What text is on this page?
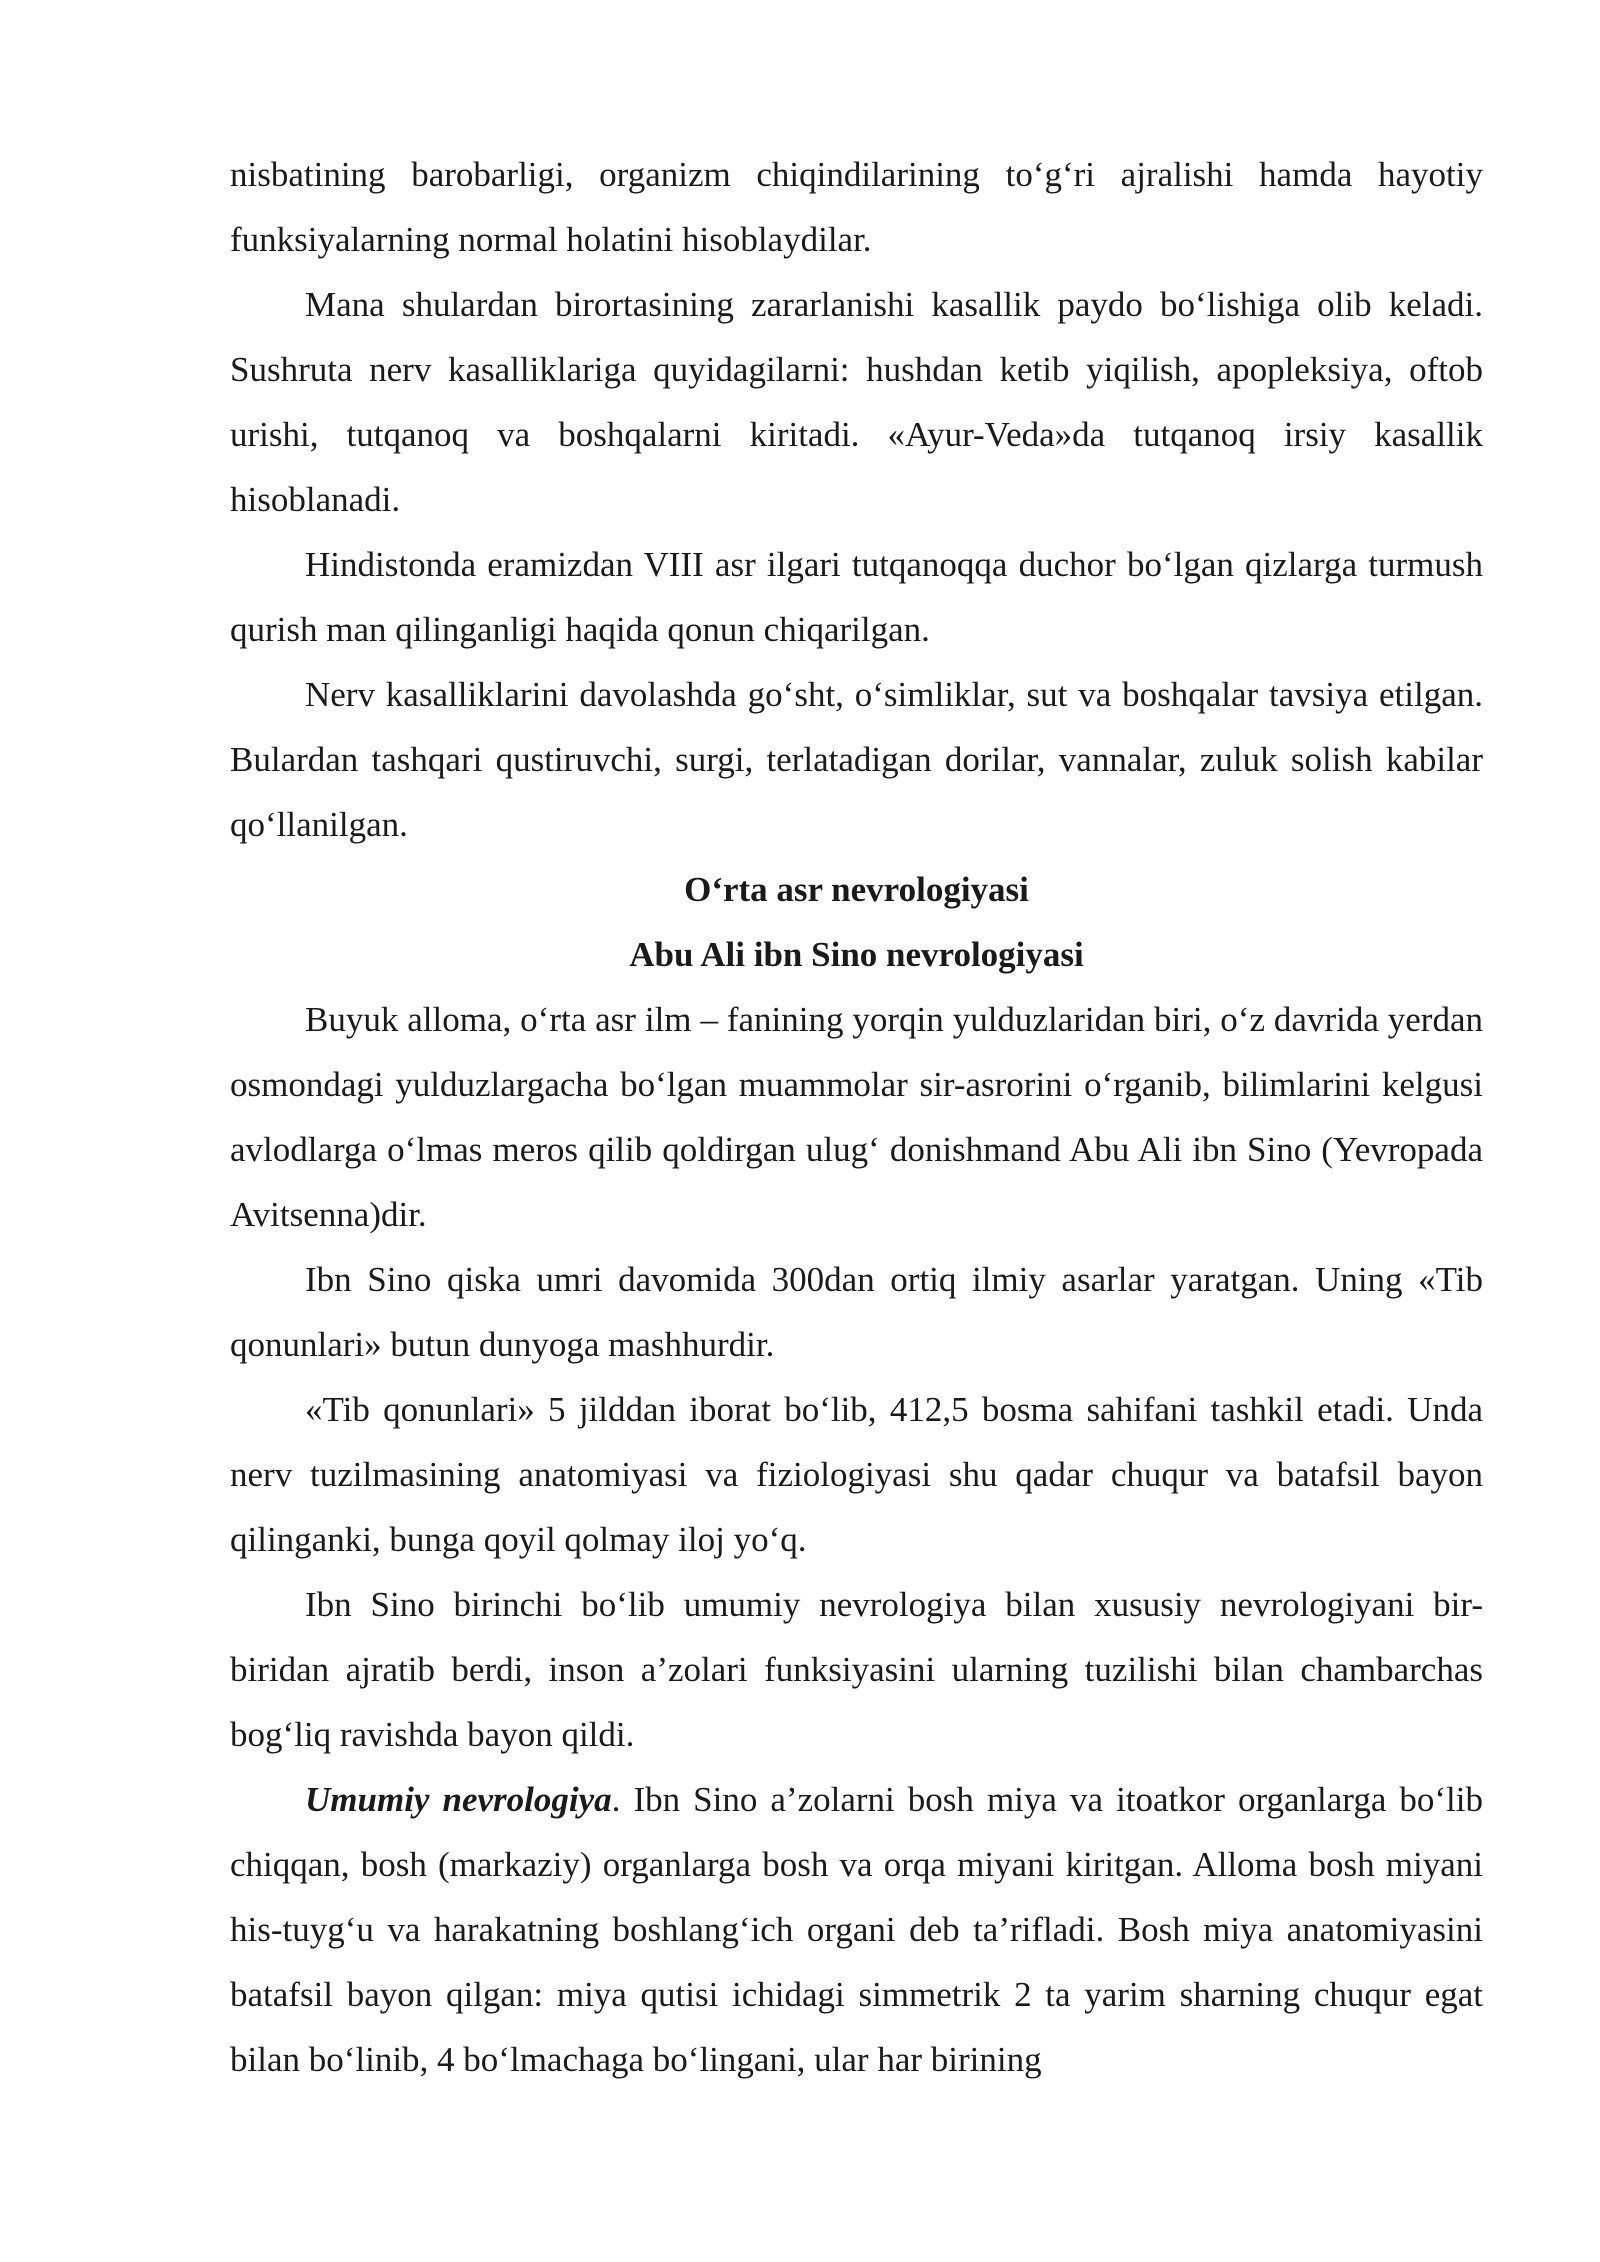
nisbatining barobarligi, organizm chiqindilarining to‘g‘ri ajralishi hamda hayotiy funksiyalarning normal holatini hisoblaydilar.

Mana shulardan birortasining zararlanishi kasallik paydo bo‘lishiga olib keladi. Sushruta nerv kasalliklariga quyidagilarni: hushdan ketib yiqilish, apopleksiya, oftob urishi, tutqanoq va boshqalarni kiritadi. «Ayur-Veda»da tutqanoq irsiy kasallik hisoblanadi.

Hindistonda eramizdan VIII asr ilgari tutqanoqqa duchor bo‘lgan qizlarga turmush qurish man qilinganligi haqida qonun chiqarilgan.

Nerv kasalliklarini davolashda go‘sht, o‘simliklar, sut va boshqalar tavsiya etilgan. Bulardan tashqari qustiruvchi, surgi, terlatadigan dorilar, vannalar, zuluk solish kabilar qo‘llanilgan.

O‘rta asr nevrologiyasi

Abu Ali ibn Sino nevrologiyasi

Buyuk alloma, o‘rta asr ilm – fanining yorqin yulduzlaridan biri, o‘z davrida yerdan osmondagi yulduzlargacha bo‘lgan muammolar sir-asrorini o‘rganib, bilimlarini kelgusi avlodlarga o‘lmas meros qilib qoldirgan ulug‘ donishmand Abu Ali ibn Sino (Yevropada Avitsenna)dir.

Ibn Sino qiska umri davomida 300dan ortiq ilmiy asarlar yaratgan. Uning «Tib qonunlari» butun dunyoga mashhurdir.

«Tib qonunlari» 5 jilddan iborat bo‘lib, 412,5 bosma sahifani tashkil etadi. Unda nerv tuzilmasining anatomiyasi va fiziologiyasi shu qadar chuqur va batafsil bayon qilinganki, bunga qoyil qolmay iloj yo‘q.

Ibn Sino birinchi bo‘lib umumiy nevrologiya bilan xususiy nevrologiyani bir-biridan ajratib berdi, inson a’zolari funksiyasini ularning tuzilishi bilan chambarchas bog‘liq ravishda bayon qildi.

Umumiy nevrologiya. Ibn Sino a’zolarni bosh miya va itoatkor organlarga bo‘lib chiqqan, bosh (markaziy) organlarga bosh va orqa miyani kiritgan. Alloma bosh miyani his-tuyg‘u va harakatning boshlang‘ich organi deb ta’rifladi. Bosh miya anatomiyasini batafsil bayon qilgan: miya qutisi ichidagi simmetrik 2 ta yarim sharning chuqur egat bilan bo‘linib, 4 bo‘lmachaga bo‘lingani, ular har birining
